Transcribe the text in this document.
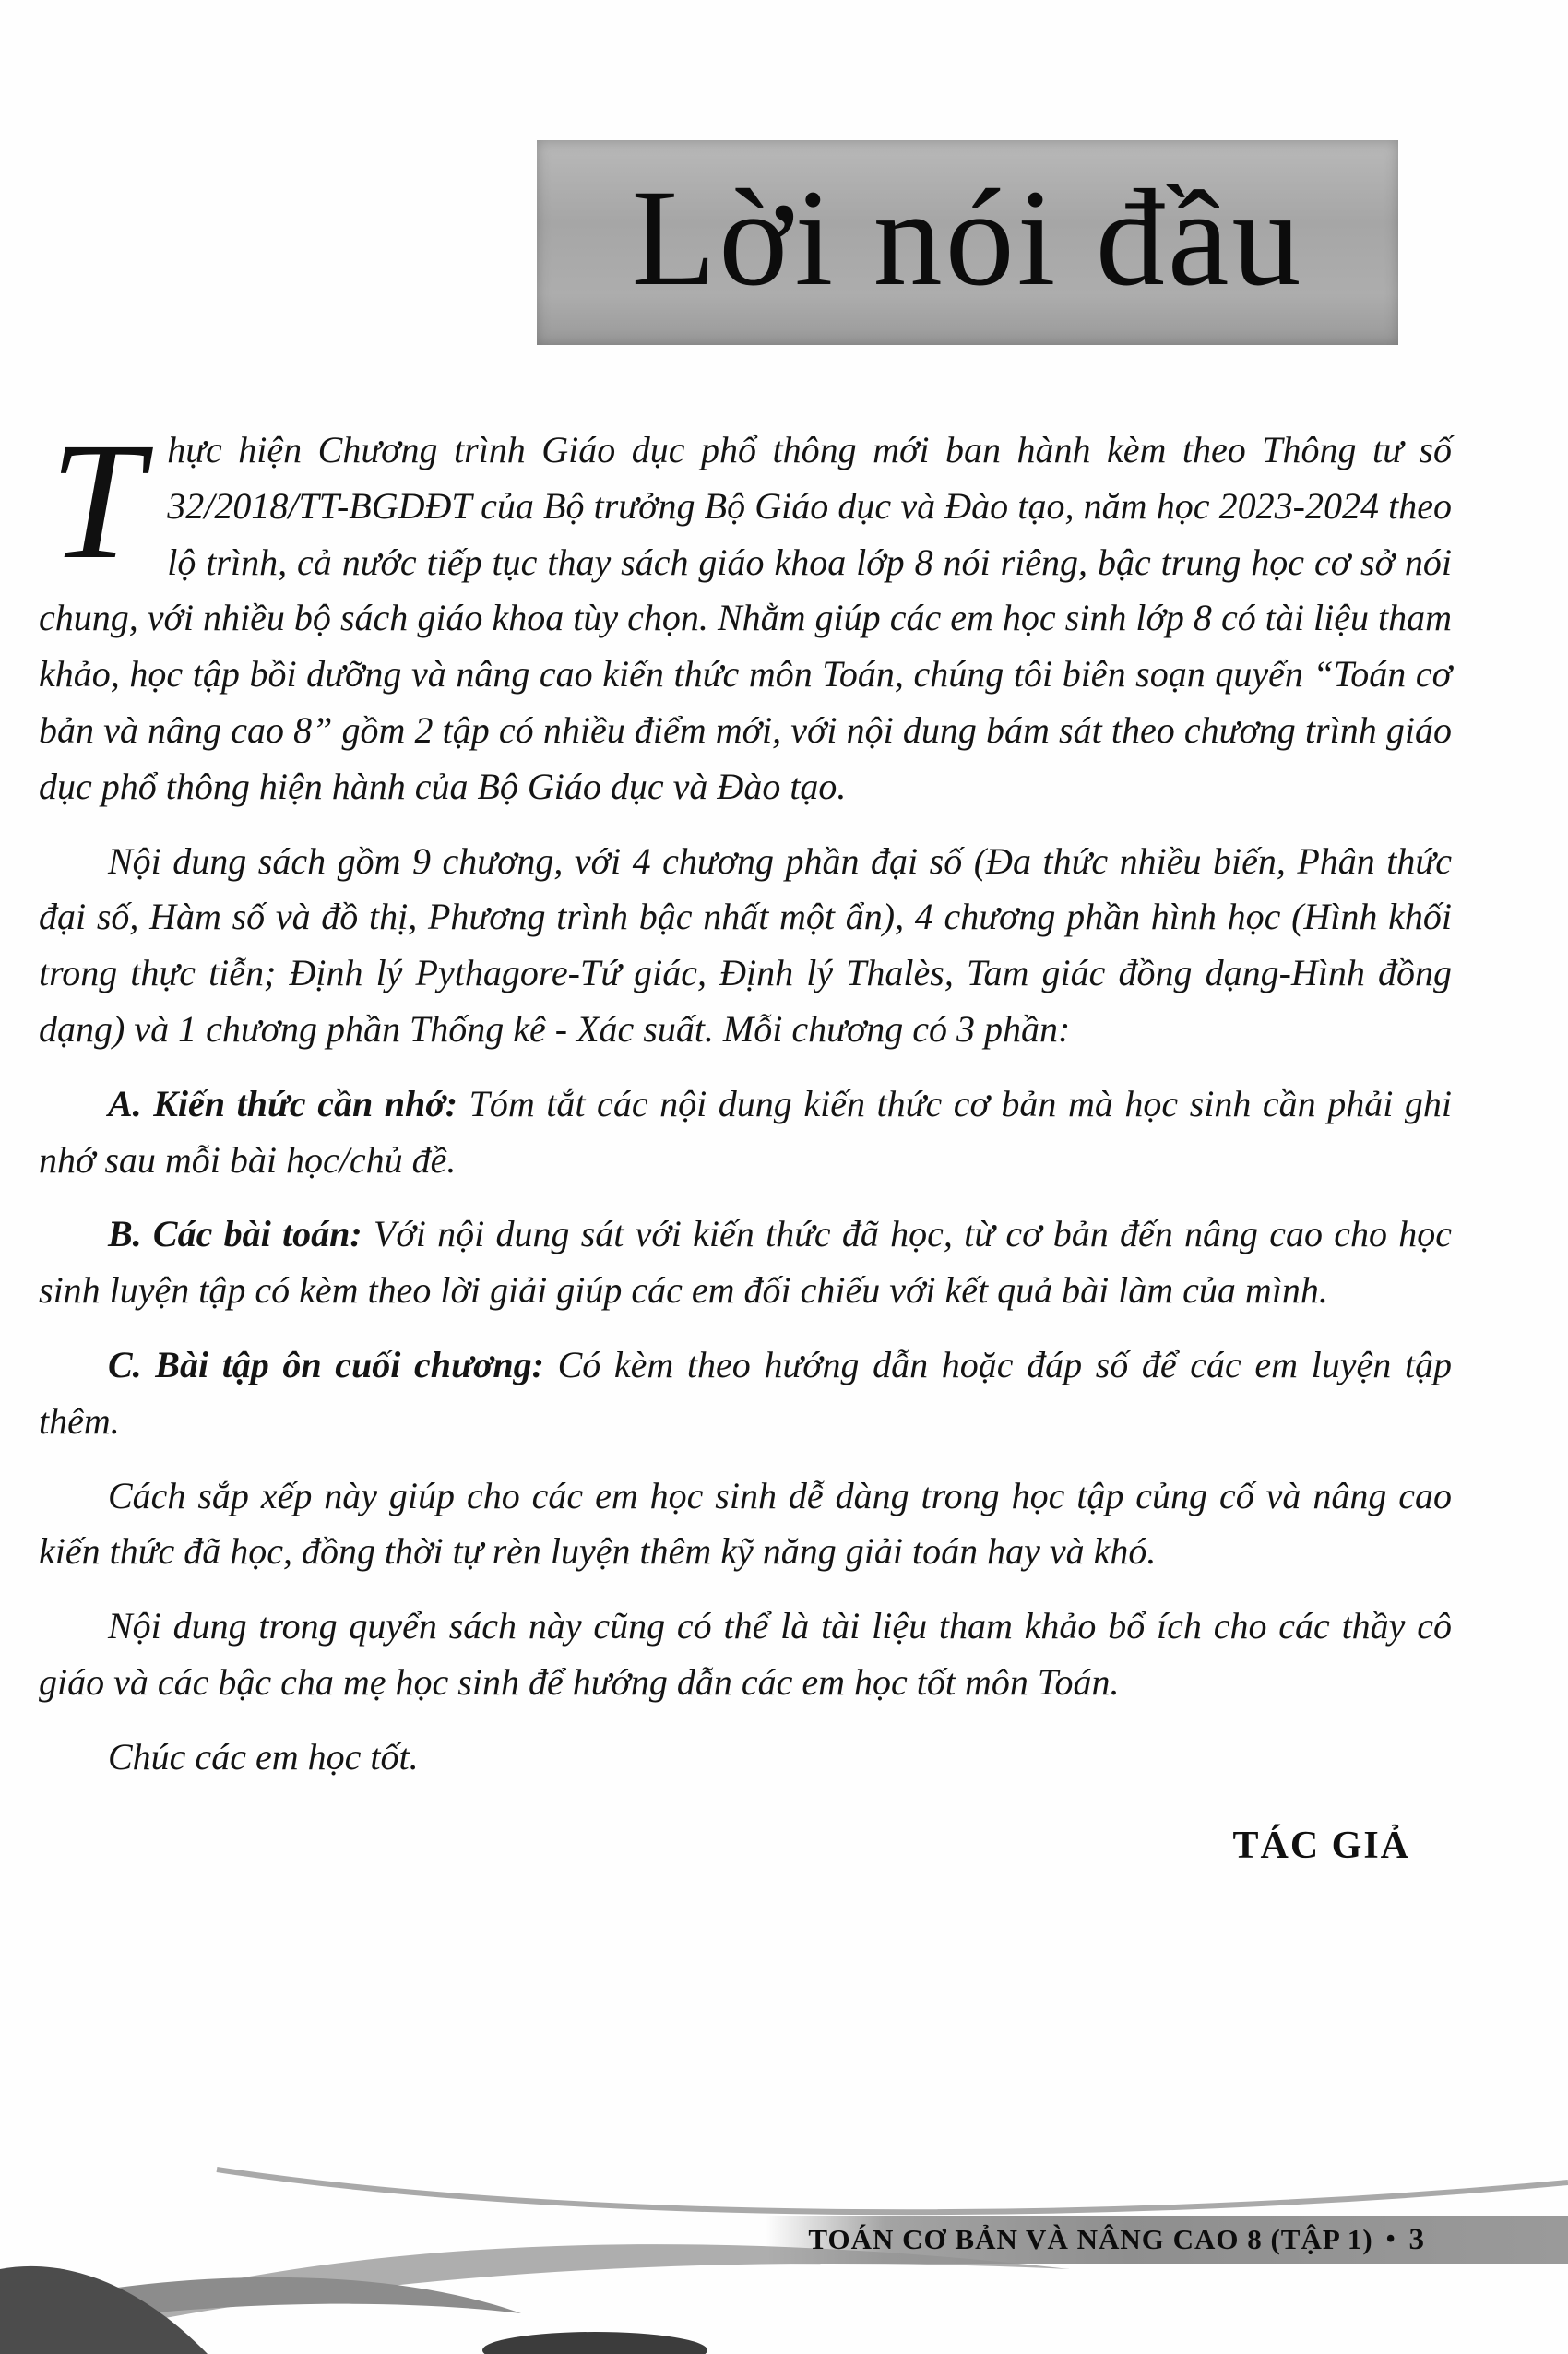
Lời nói đầu

Thực hiện Chương trình Giáo dục phổ thông mới ban hành kèm theo Thông tư số 32/2018/TT-BGDĐT của Bộ trưởng Bộ Giáo dục và Đào tạo, năm học 2023-2024 theo lộ trình, cả nước tiếp tục thay sách giáo khoa lớp 8 nói riêng, bậc trung học cơ sở nói chung, với nhiều bộ sách giáo khoa tùy chọn. Nhằm giúp các em học sinh lớp 8 có tài liệu tham khảo, học tập bồi dưỡng và nâng cao kiến thức môn Toán, chúng tôi biên soạn quyển “Toán cơ bản và nâng cao 8” gồm 2 tập có nhiều điểm mới, với nội dung bám sát theo chương trình giáo dục phổ thông hiện hành của Bộ Giáo dục và Đào tạo.

Nội dung sách gồm 9 chương, với 4 chương phần đại số (Đa thức nhiều biến, Phân thức đại số, Hàm số và đồ thị, Phương trình bậc nhất một ẩn), 4 chương phần hình học (Hình khối trong thực tiễn; Định lý Pythagore-Tứ giác, Định lý Thalès, Tam giác đồng dạng-Hình đồng dạng) và 1 chương phần Thống kê - Xác suất. Mỗi chương có 3 phần:

A. Kiến thức cần nhớ: Tóm tắt các nội dung kiến thức cơ bản mà học sinh cần phải ghi nhớ sau mỗi bài học/chủ đề.

B. Các bài toán: Với nội dung sát với kiến thức đã học, từ cơ bản đến nâng cao cho học sinh luyện tập có kèm theo lời giải giúp các em đối chiếu với kết quả bài làm của mình.

C. Bài tập ôn cuối chương: Có kèm theo hướng dẫn hoặc đáp số để các em luyện tập thêm.

Cách sắp xếp này giúp cho các em học sinh dễ dàng trong học tập củng cố và nâng cao kiến thức đã học, đồng thời tự rèn luyện thêm kỹ năng giải toán hay và khó.

Nội dung trong quyển sách này cũng có thể là tài liệu tham khảo bổ ích cho các thầy cô giáo và các bậc cha mẹ học sinh để hướng dẫn các em học tốt môn Toán.

Chúc các em học tốt.

TÁC GIẢ
TOÁN CƠ BẢN VÀ NÂNG CAO 8 (TẬP 1) • 3
